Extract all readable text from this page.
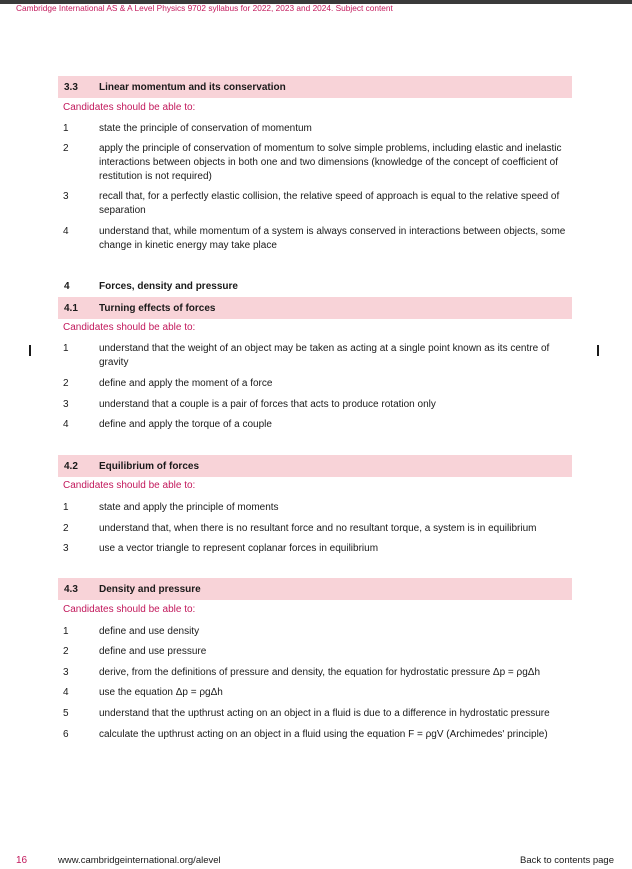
Cambridge International AS & A Level Physics 9702 syllabus for 2022, 2023 and 2024. Subject content
3.3 Linear momentum and its conservation
Candidates should be able to:
1	state the principle of conservation of momentum
2	apply the principle of conservation of momentum to solve simple problems, including elastic and inelastic interactions between objects in both one and two dimensions (knowledge of the concept of coefficient of restitution is not required)
3	recall that, for a perfectly elastic collision, the relative speed of approach is equal to the relative speed of separation
4	understand that, while momentum of a system is always conserved in interactions between objects, some change in kinetic energy may take place
4	Forces, density and pressure
4.1 Turning effects of forces
Candidates should be able to:
1	understand that the weight of an object may be taken as acting at a single point known as its centre of gravity
2	define and apply the moment of a force
3	understand that a couple is a pair of forces that acts to produce rotation only
4	define and apply the torque of a couple
4.2 Equilibrium of forces
Candidates should be able to:
1	state and apply the principle of moments
2	understand that, when there is no resultant force and no resultant torque, a system is in equilibrium
3	use a vector triangle to represent coplanar forces in equilibrium
4.3 Density and pressure
Candidates should be able to:
1	define and use density
2	define and use pressure
3	derive, from the definitions of pressure and density, the equation for hydrostatic pressure Δp = ρgΔh
4	use the equation Δp = ρgΔh
5	understand that the upthrust acting on an object in a fluid is due to a difference in hydrostatic pressure
6	calculate the upthrust acting on an object in a fluid using the equation F = ρgV (Archimedes' principle)
16	www.cambridgeinternational.org/alevel	Back to contents page
